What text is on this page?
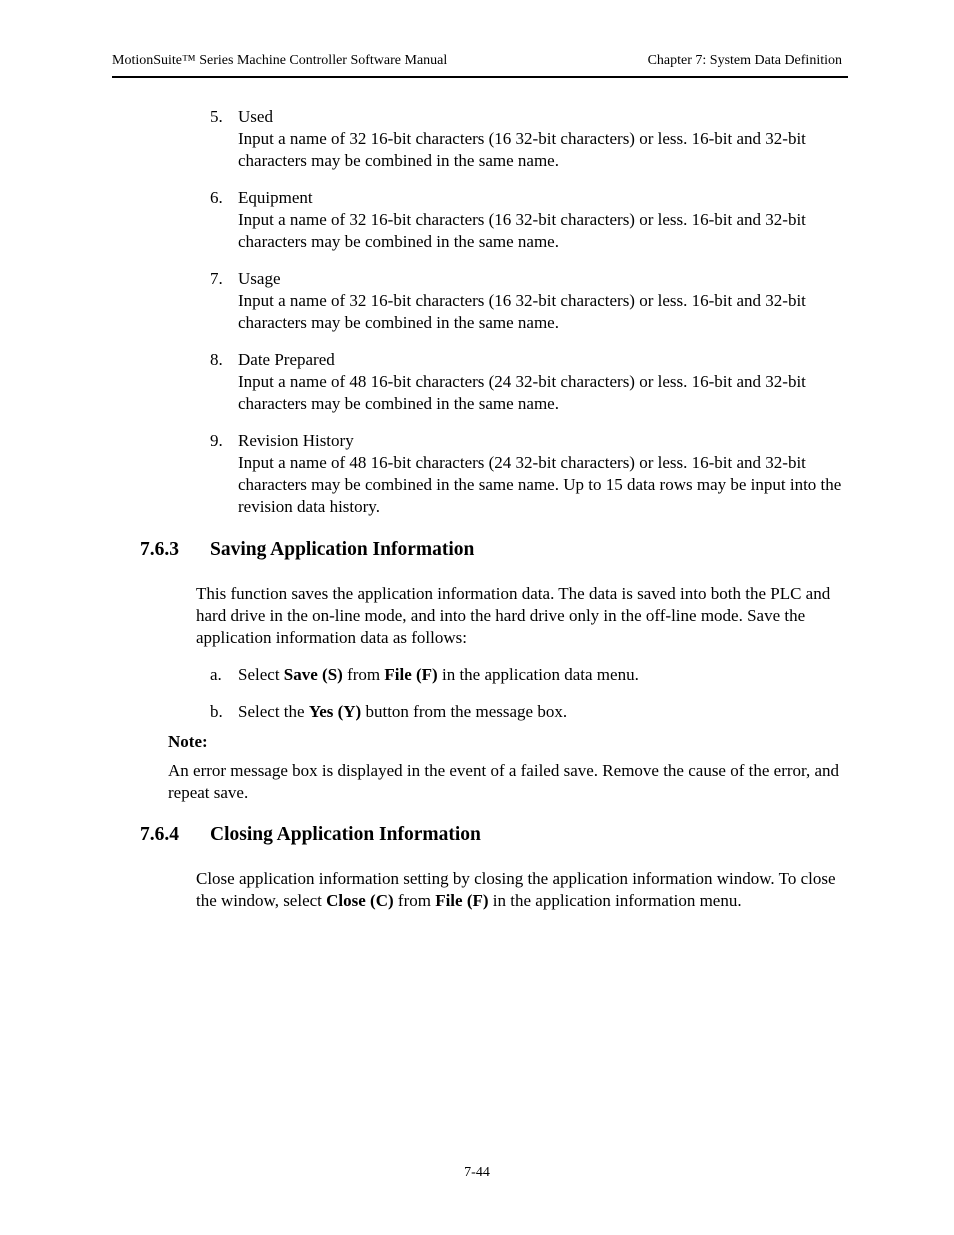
MotionSuite™ Series Machine Controller Software Manual	Chapter 7: System Data Definition
5. Used
Input a name of 32 16-bit characters (16 32-bit characters) or less. 16-bit and 32-bit characters may be combined in the same name.
6. Equipment
Input a name of 32 16-bit characters (16 32-bit characters) or less. 16-bit and 32-bit characters may be combined in the same name.
7. Usage
Input a name of 32 16-bit characters (16 32-bit characters) or less. 16-bit and 32-bit characters may be combined in the same name.
8. Date Prepared
Input a name of 48 16-bit characters (24 32-bit characters) or less. 16-bit and 32-bit characters may be combined in the same name.
9. Revision History
Input a name of 48 16-bit characters (24 32-bit characters) or less. 16-bit and 32-bit characters may be combined in the same name. Up to 15 data rows may be input into the revision data history.
7.6.3 Saving Application Information
This function saves the application information data. The data is saved into both the PLC and hard drive in the on-line mode, and into the hard drive only in the off-line mode. Save the application information data as follows:
a. Select Save (S) from File (F) in the application data menu.
b. Select the Yes (Y) button from the message box.
Note:
An error message box is displayed in the event of a failed save. Remove the cause of the error, and repeat save.
7.6.4 Closing Application Information
Close application information setting by closing the application information window. To close the window, select Close (C) from File (F) in the application information menu.
7-44
